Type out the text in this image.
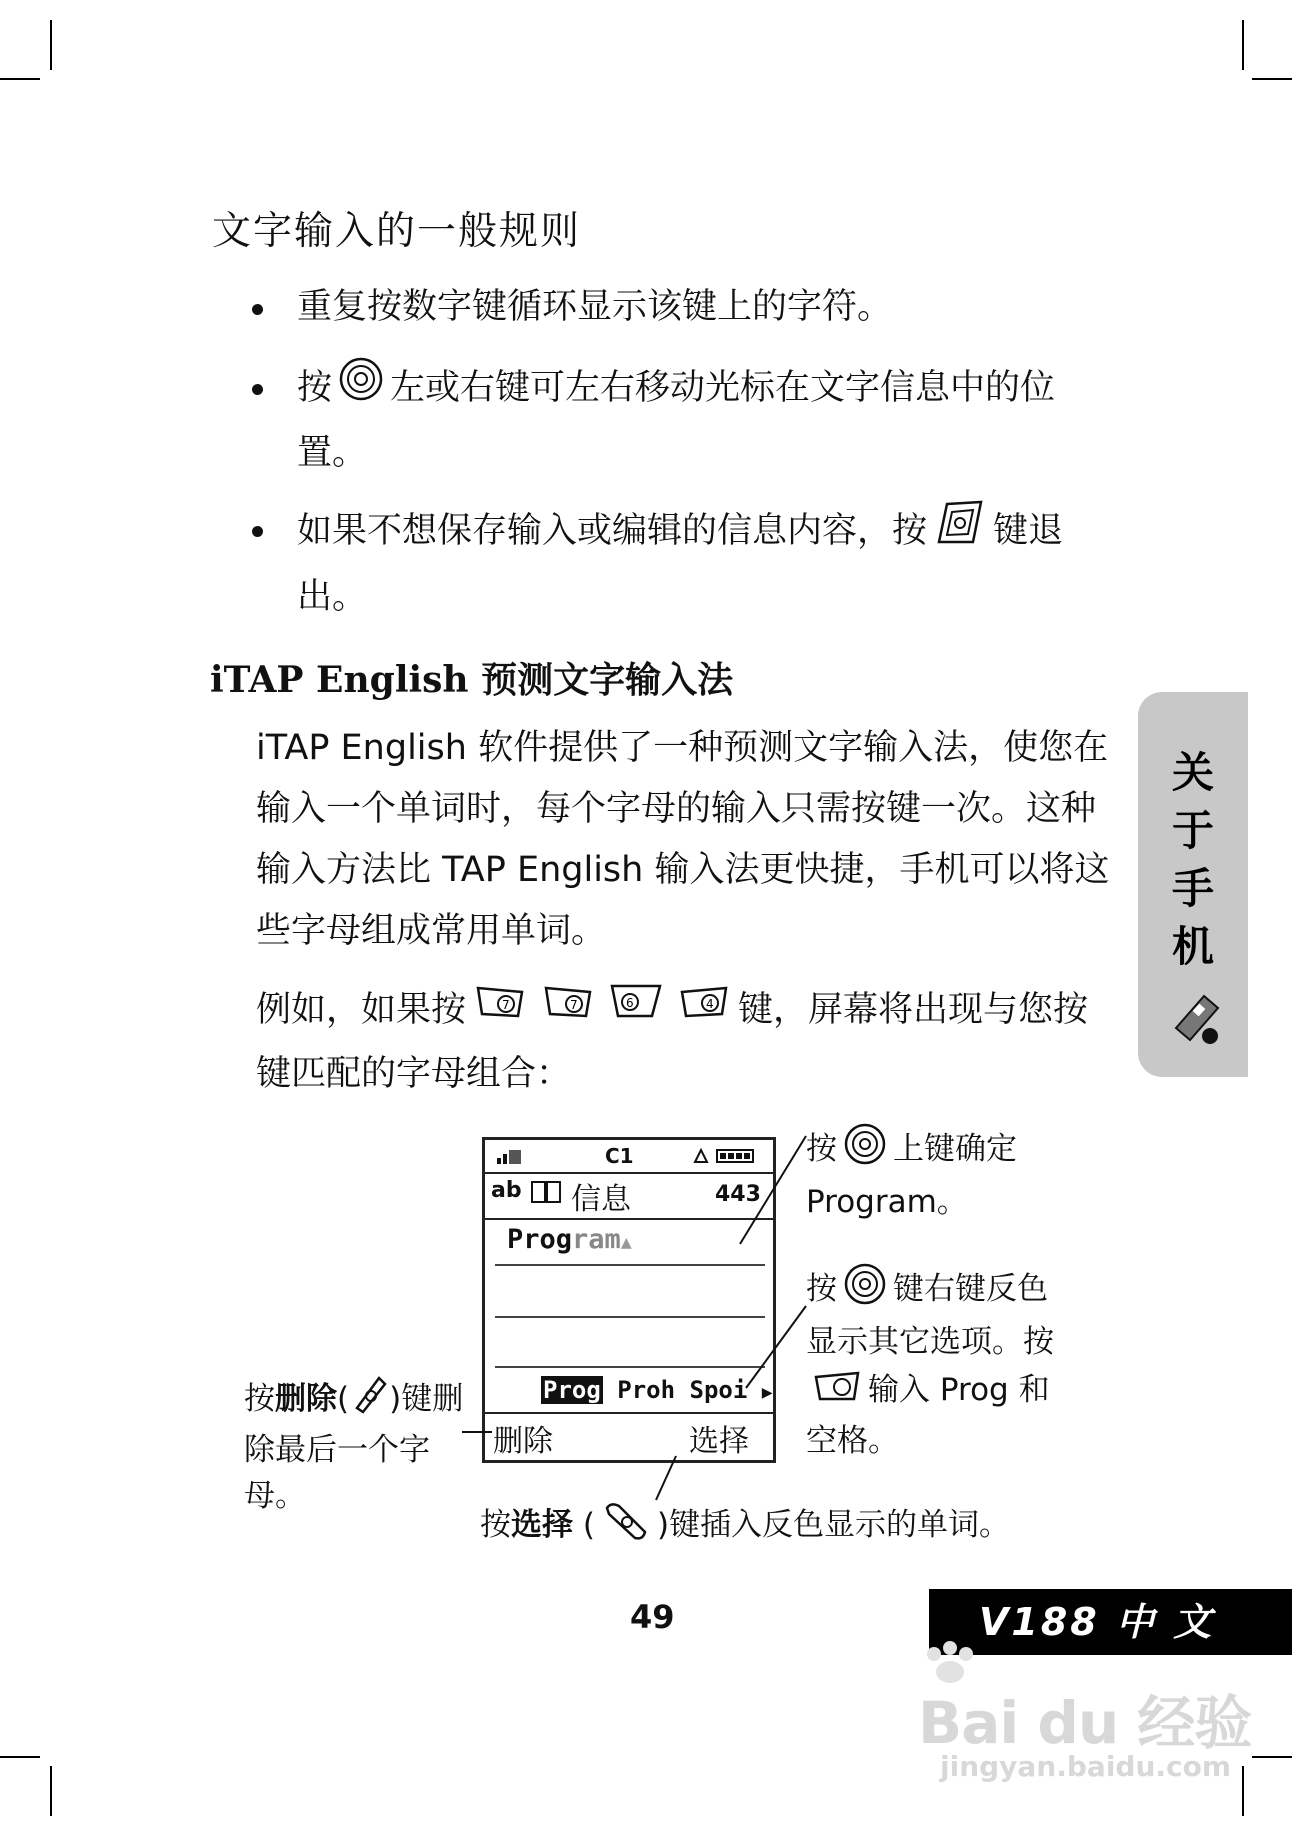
文字输入的一般规则
重复按数字键循环显示该键上的字符。
按 左或右键可左右移动光标在文字信息中的位置。
如果不想保存输入或编辑的信息内容，按 键退出。
iTAP English 预测文字输入法
iTAP English 软件提供了一种预测文字输入法，使您在输入一个单词时，每个字母的输入只需按键一次。这种输入方法比 TAP English 输入法更快捷，手机可以将这些字母组成常用单词。
例如，如果按	7	7	6	4 键，屏幕将出现与您按键匹配的字母组合：
关
于
手
机
C1
ab 信息	443
Program▲
Prog Proh Spoi ▶
删除	选择
按 上键确定 Program。
按 键右键反色显示其它选项。按输入 Prog 和空格。
按删除( )键删除最后一个字母。
按选择 ( )键插入反色显示的单词。
49	V188 中 文
Bai du 经验
jingyan.baidu.com
